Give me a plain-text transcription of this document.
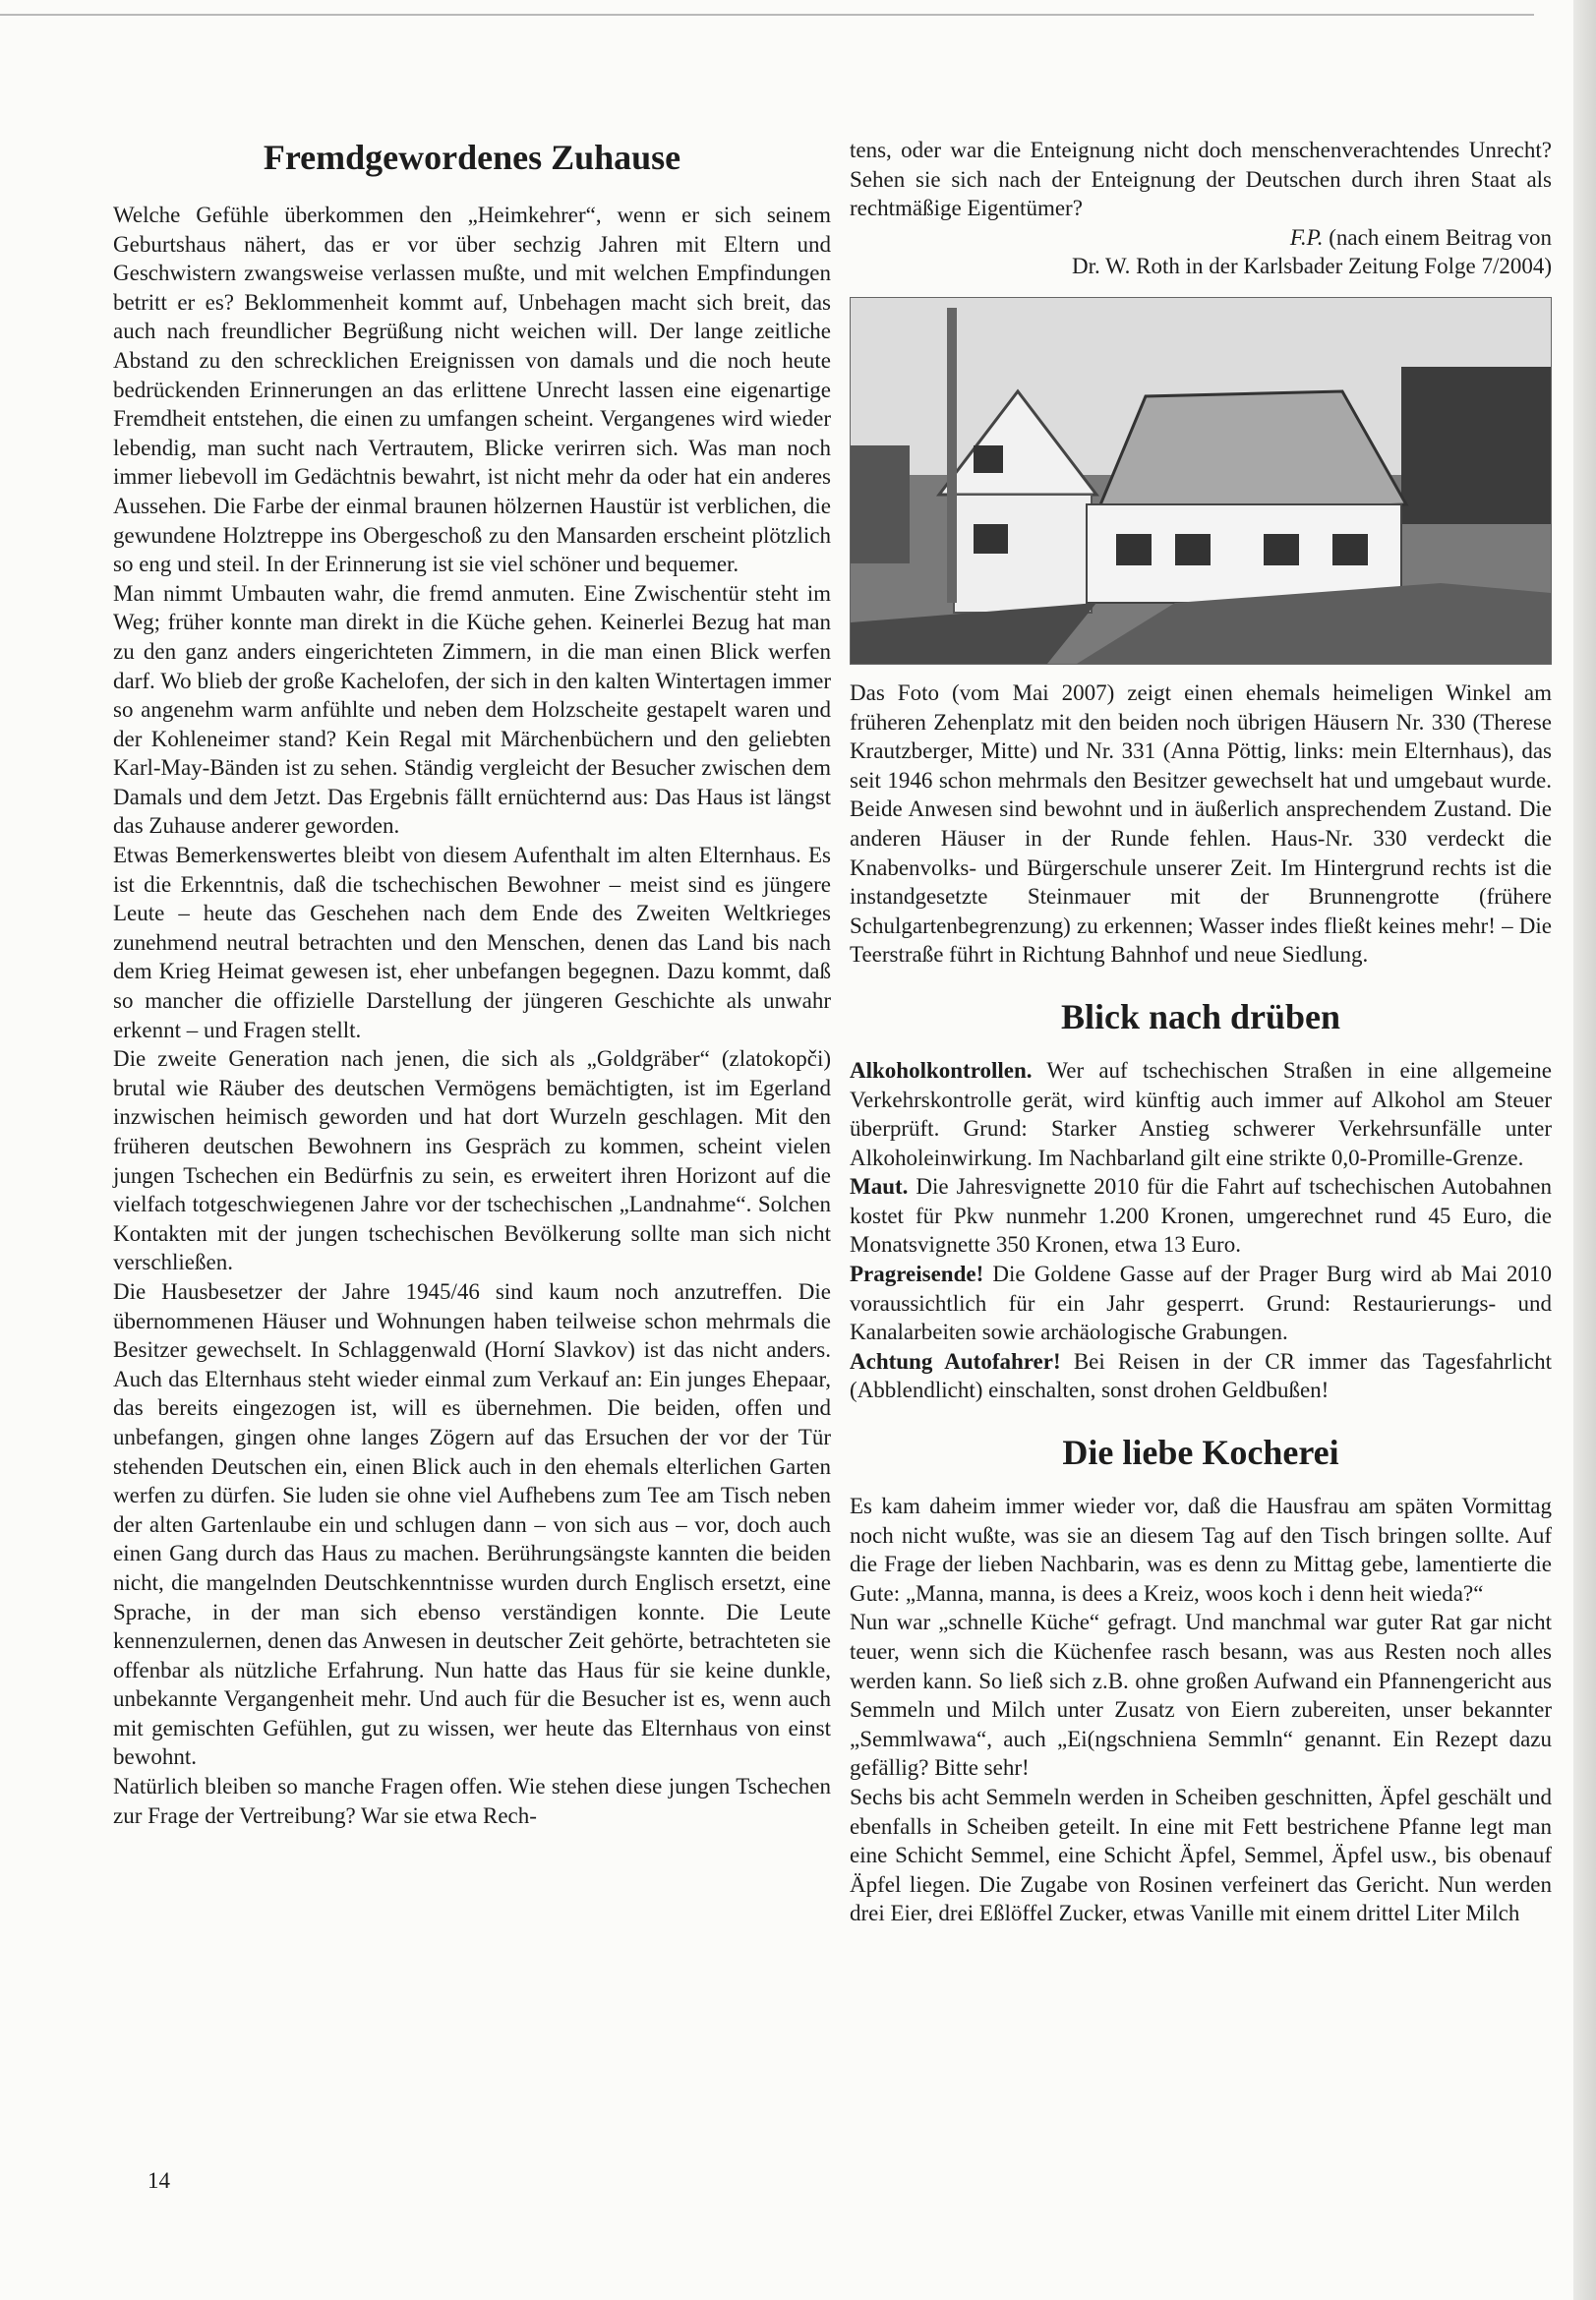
Fremdgewordenes Zuhause

Welche Gefühle überkommen den „Heimkehrer“, wenn er sich seinem Geburtshaus nähert, das er vor über sechzig Jahren mit Eltern und Geschwistern zwangsweise verlassen mußte, und mit welchen Empfindungen betritt er es? Beklommenheit kommt auf, Unbehagen macht sich breit, das auch nach freundlicher Begrüßung nicht weichen will. Der lange zeitliche Abstand zu den schrecklichen Ereignissen von damals und die noch heute bedrückenden Erinnerungen an das erlittene Unrecht lassen eine eigenartige Fremdheit entstehen, die einen zu umfangen scheint. Vergangenes wird wieder lebendig, man sucht nach Vertrautem, Blicke verirren sich. Was man noch immer liebevoll im Gedächtnis bewahrt, ist nicht mehr da oder hat ein anderes Aussehen. Die Farbe der einmal braunen hölzernen Haustür ist verblichen, die gewundene Holztreppe ins Obergeschoß zu den Mansarden erscheint plötzlich so eng und steil. In der Erinnerung ist sie viel schöner und bequemer.

Man nimmt Umbauten wahr, die fremd anmuten. Eine Zwischentür steht im Weg; früher konnte man direkt in die Küche gehen. Keinerlei Bezug hat man zu den ganz anders eingerichteten Zimmern, in die man einen Blick werfen darf. Wo blieb der große Kachelofen, der sich in den kalten Wintertagen immer so angenehm warm anfühlte und neben dem Holzscheite gestapelt waren und der Kohleneimer stand? Kein Regal mit Märchenbüchern und den geliebten Karl-May-Bänden ist zu sehen. Ständig vergleicht der Besucher zwischen dem Damals und dem Jetzt. Das Ergebnis fällt ernüchternd aus: Das Haus ist längst das Zuhause anderer geworden.

Etwas Bemerkenswertes bleibt von diesem Aufenthalt im alten Elternhaus. Es ist die Erkenntnis, daß die tschechischen Bewohner – meist sind es jüngere Leute – heute das Geschehen nach dem Ende des Zweiten Weltkrieges zunehmend neutral betrachten und den Menschen, denen das Land bis nach dem Krieg Heimat gewesen ist, eher unbefangen begegnen. Dazu kommt, daß so mancher die offizielle Darstellung der jüngeren Geschichte als unwahr erkennt – und Fragen stellt.

Die zweite Generation nach jenen, die sich als „Goldgräber“ (zlatokopči) brutal wie Räuber des deutschen Vermögens bemächtigten, ist im Egerland inzwischen heimisch geworden und hat dort Wurzeln geschlagen. Mit den früheren deutschen Bewohnern ins Gespräch zu kommen, scheint vielen jungen Tschechen ein Bedürfnis zu sein, es erweitert ihren Horizont auf die vielfach totgeschwiegenen Jahre vor der tschechischen „Landnahme“. Solchen Kontakten mit der jungen tschechischen Bevölkerung sollte man sich nicht verschließen.

Die Hausbesetzer der Jahre 1945/46 sind kaum noch anzutreffen. Die übernommenen Häuser und Wohnungen haben teilweise schon mehrmals die Besitzer gewechselt. In Schlaggenwald (Horní Slavkov) ist das nicht anders. Auch das Elternhaus steht wieder einmal zum Verkauf an: Ein junges Ehepaar, das bereits eingezogen ist, will es übernehmen. Die beiden, offen und unbefangen, gingen ohne langes Zögern auf das Ersuchen der vor der Tür stehenden Deutschen ein, einen Blick auch in den ehemals elterlichen Garten werfen zu dürfen. Sie luden sie ohne viel Aufhebens zum Tee am Tisch neben der alten Gartenlaube ein und schlugen dann – von sich aus – vor, doch auch einen Gang durch das Haus zu machen. Berührungsängste kannten die beiden nicht, die mangelnden Deutschkenntnisse wurden durch Englisch ersetzt, eine Sprache, in der man sich ebenso verständigen konnte. Die Leute kennenzulernen, denen das Anwesen in deutscher Zeit gehörte, betrachteten sie offenbar als nützliche Erfahrung. Nun hatte das Haus für sie keine dunkle, unbekannte Vergangenheit mehr. Und auch für die Besucher ist es, wenn auch mit gemischten Gefühlen, gut zu wissen, wer heute das Elternhaus von einst bewohnt.

Natürlich bleiben so manche Fragen offen. Wie stehen diese jungen Tschechen zur Frage der Vertreibung? War sie etwa Rech-

tens, oder war die Enteignung nicht doch menschenverachtendes Unrecht? Sehen sie sich nach der Enteignung der Deutschen durch ihren Staat als rechtmäßige Eigentümer?

F.P. (nach einem Beitrag von
Dr. W. Roth in der Karlsbader Zeitung Folge 7/2004)

Das Foto (vom Mai 2007) zeigt einen ehemals heimeligen Winkel am früheren Zehenplatz mit den beiden noch übrigen Häusern Nr. 330 (Therese Krautzberger, Mitte) und Nr. 331 (Anna Pöttig, links: mein Elternhaus), das seit 1946 schon mehrmals den Besitzer gewechselt hat und umgebaut wurde. Beide Anwesen sind bewohnt und in äußerlich ansprechendem Zustand. Die anderen Häuser in der Runde fehlen. Haus-Nr. 330 verdeckt die Knabenvolks- und Bürgerschule unserer Zeit. Im Hintergrund rechts ist die instandgesetzte Steinmauer mit der Brunnengrotte (frühere Schulgartenbegrenzung) zu erkennen; Wasser indes fließt keines mehr! – Die Teerstraße führt in Richtung Bahnhof und neue Siedlung.

Blick nach drüben

Alkoholkontrollen. Wer auf tschechischen Straßen in eine allgemeine Verkehrskontrolle gerät, wird künftig auch immer auf Alkohol am Steuer überprüft. Grund: Starker Anstieg schwerer Verkehrsunfälle unter Alkoholeinwirkung. Im Nachbarland gilt eine strikte 0,0-Promille-Grenze.

Maut. Die Jahresvignette 2010 für die Fahrt auf tschechischen Autobahnen kostet für Pkw nunmehr 1.200 Kronen, umgerechnet rund 45 Euro, die Monatsvignette 350 Kronen, etwa 13 Euro.

Pragreisende! Die Goldene Gasse auf der Prager Burg wird ab Mai 2010 voraussichtlich für ein Jahr gesperrt. Grund: Restaurierungs- und Kanalarbeiten sowie archäologische Grabungen.

Achtung Autofahrer! Bei Reisen in der CR immer das Tagesfahrlicht (Abblendlicht) einschalten, sonst drohen Geldbußen!

Die liebe Kocherei

Es kam daheim immer wieder vor, daß die Hausfrau am späten Vormittag noch nicht wußte, was sie an diesem Tag auf den Tisch bringen sollte. Auf die Frage der lieben Nachbarin, was es denn zu Mittag gebe, lamentierte die Gute: „Manna, manna, is dees a Kreiz, woos koch i denn heit wieda?“

Nun war „schnelle Küche“ gefragt. Und manchmal war guter Rat gar nicht teuer, wenn sich die Küchenfee rasch besann, was aus Resten noch alles werden kann. So ließ sich z.B. ohne großen Aufwand ein Pfannengericht aus Semmeln und Milch unter Zusatz von Eiern zubereiten, unser bekannter „Semmlwawa“, auch „Ei(ngschniena Semmln“ genannt. Ein Rezept dazu gefällig? Bitte sehr!

Sechs bis acht Semmeln werden in Scheiben geschnitten, Äpfel geschält und ebenfalls in Scheiben geteilt. In eine mit Fett bestrichene Pfanne legt man eine Schicht Semmel, eine Schicht Äpfel, Semmel, Äpfel usw., bis obenauf Äpfel liegen. Die Zugabe von Rosinen verfeinert das Gericht. Nun werden drei Eier, drei Eßlöffel Zucker, etwas Vanille mit einem drittel Liter Milch

14
